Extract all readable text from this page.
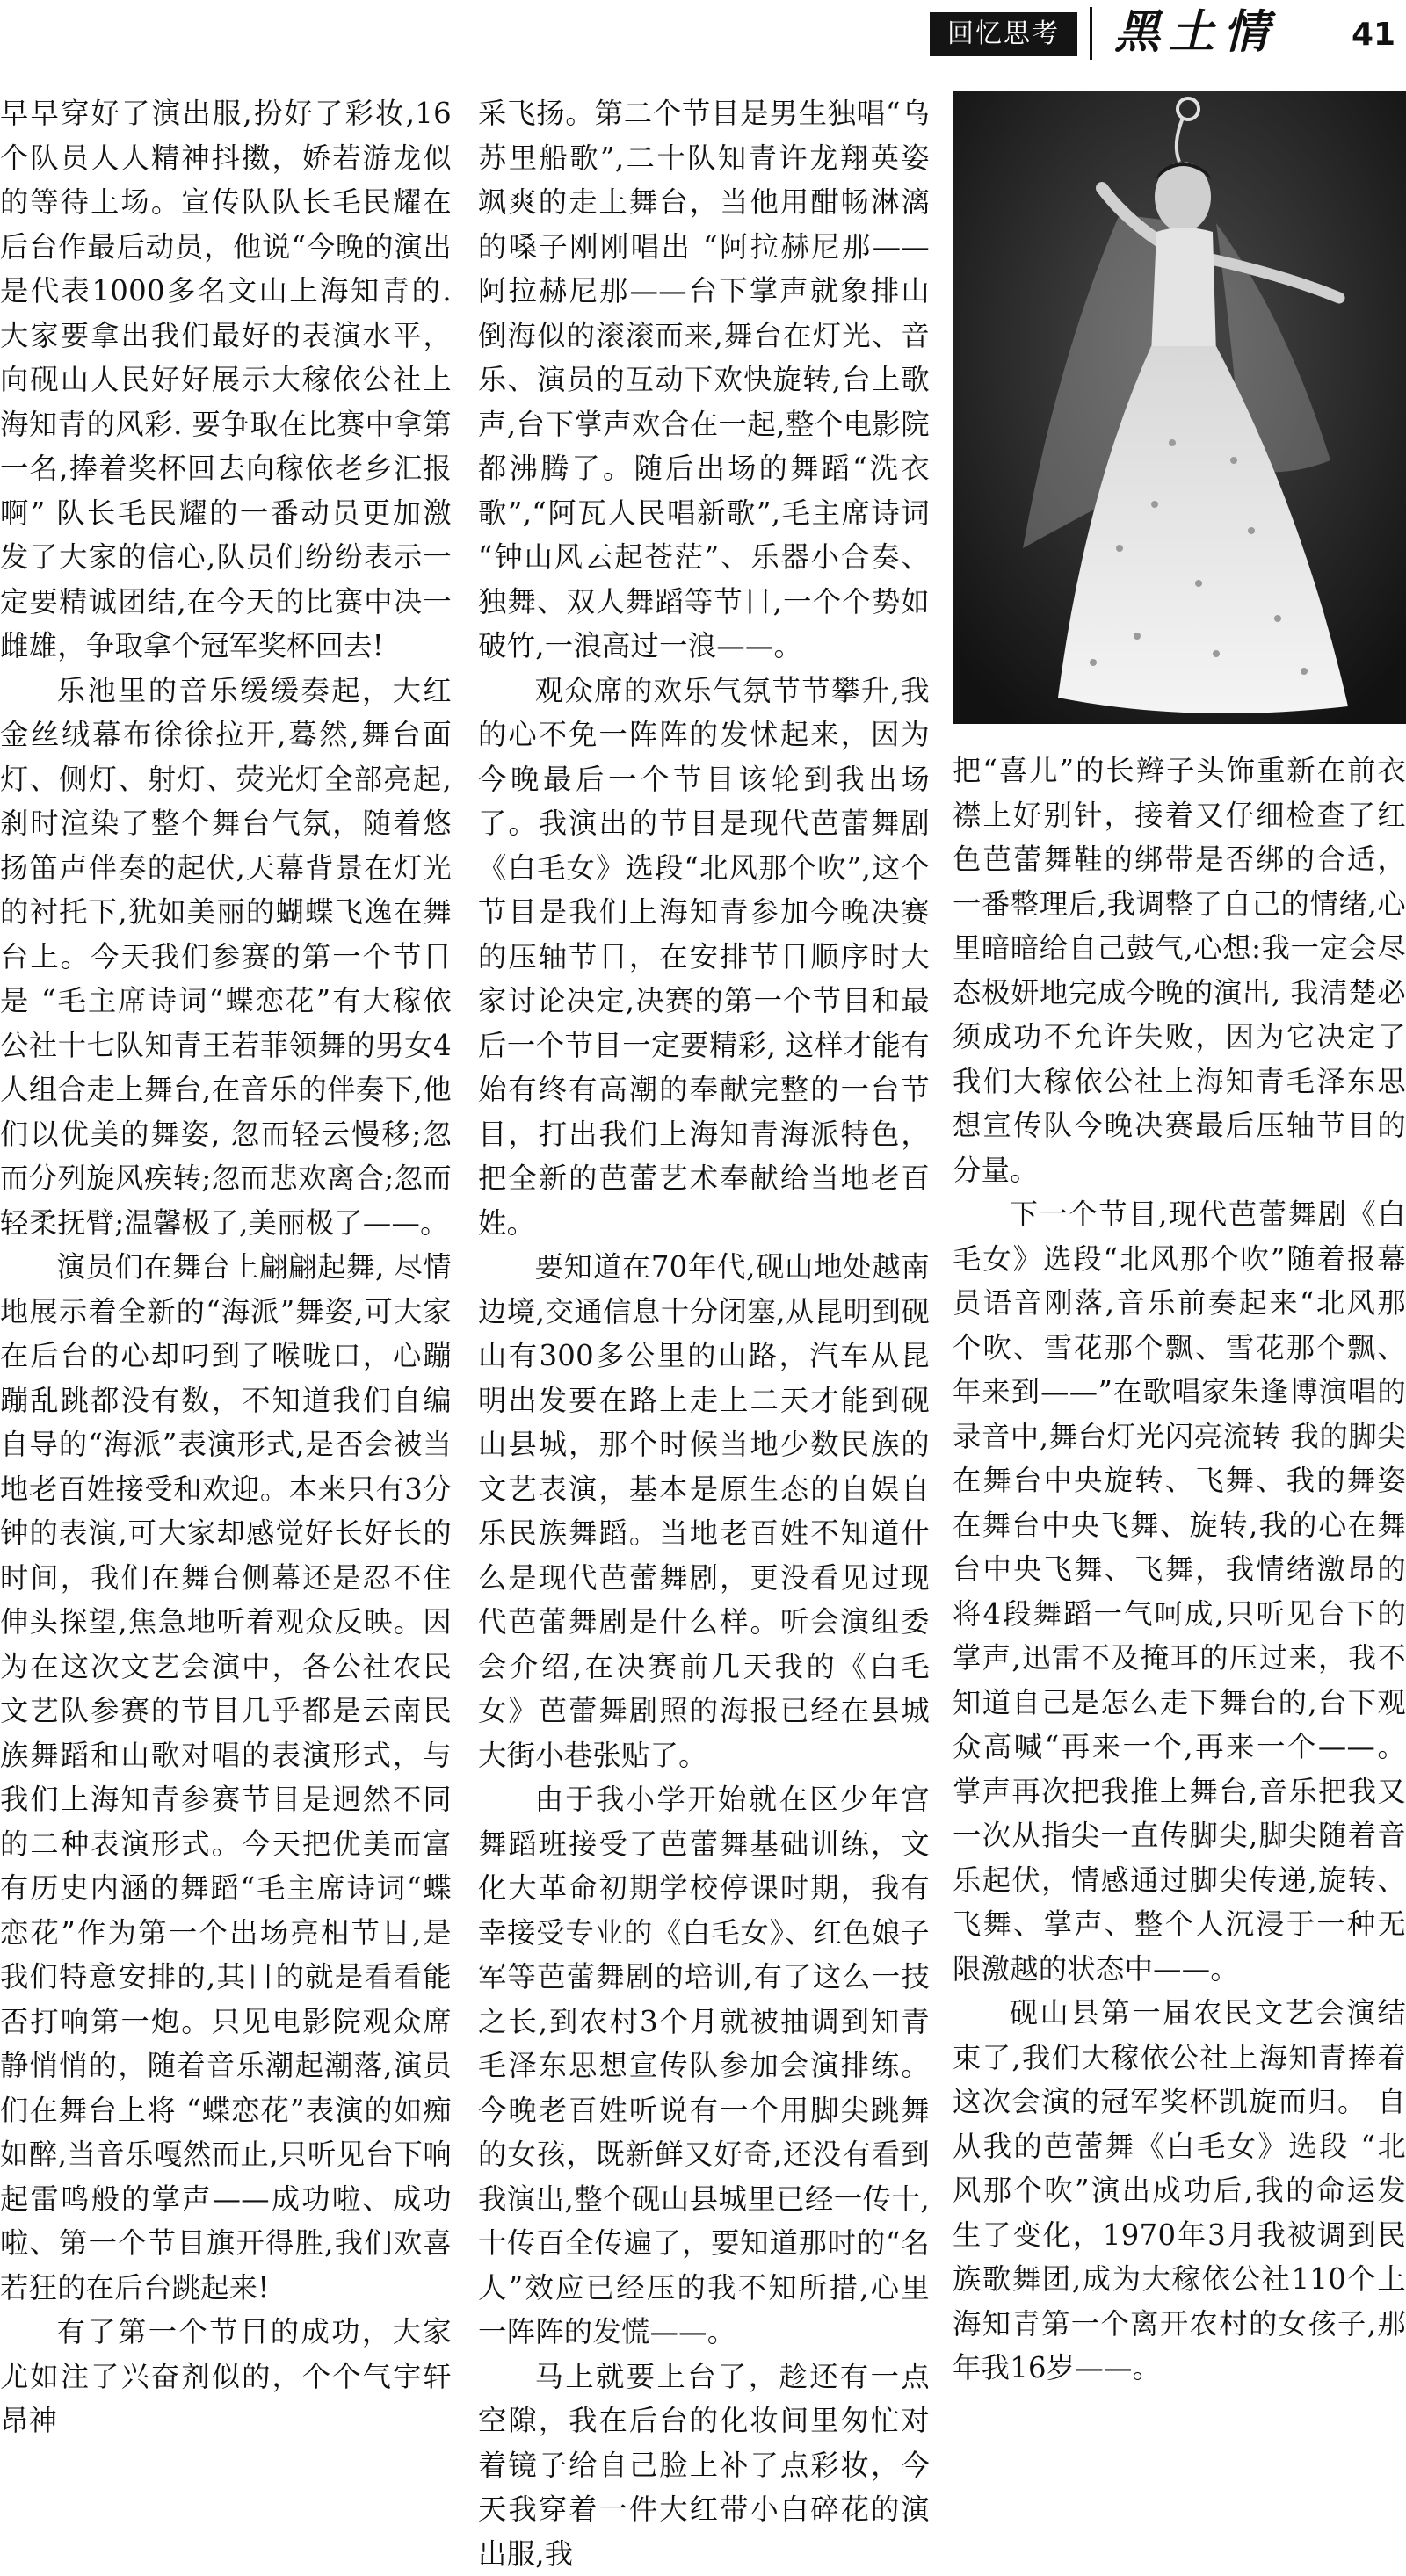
回忆思考	黑土情 41

早早穿好了演出服,扮好了彩妆,16个队员人人精神抖擞，娇若游龙似的等待上场。宣传队队长毛民耀在后台作最后动员，他说“今晚的演出是代表1000多名文山上海知青的. 大家要拿出我们最好的表演水平，向砚山人民好好展示大稼依公社上海知青的风彩. 要争取在比赛中拿第一名,捧着奖杯回去向稼依老乡汇报啊” 队长毛民耀的一番动员更加激发了大家的信心,队员们纷纷表示一定要精诚团结,在今天的比赛中决一雌雄，争取拿个冠军奖杯回去!

乐池里的音乐缓缓奏起，大红金丝绒幕布徐徐拉开,蓦然,舞台面灯、侧灯、射灯、荧光灯全部亮起,刹时渲染了整个舞台气氛，随着悠扬笛声伴奏的起伏,天幕背景在灯光的衬托下,犹如美丽的蝴蝶飞逸在舞台上。今天我们参赛的第一个节目是 “毛主席诗词“蝶恋花”有大稼依公社十七队知青王若菲领舞的男女4人组合走上舞台,在音乐的伴奏下,他们以优美的舞姿, 忽而轻云慢移;忽而分列旋风疾转;忽而悲欢离合;忽而轻柔抚臂;温馨极了,美丽极了——。

演员们在舞台上翩翩起舞, 尽情地展示着全新的“海派”舞姿,可大家在后台的心却叼到了喉咙口，心蹦蹦乱跳都没有数，不知道我们自编自导的“海派”表演形式,是否会被当地老百姓接受和欢迎。本来只有3分钟的表演,可大家却感觉好长好长的时间，我们在舞台侧幕还是忍不住伸头探望,焦急地听着观众反映。因为在这次文艺会演中，各公社农民文艺队参赛的节目几乎都是云南民族舞蹈和山歌对唱的表演形式，与我们上海知青参赛节目是迥然不同的二种表演形式。今天把优美而富有历史内涵的舞蹈“毛主席诗词“蝶恋花”作为第一个出场亮相节目,是我们特意安排的,其目的就是看看能否打响第一炮。只见电影院观众席静悄悄的，随着音乐潮起潮落,演员们在舞台上将 “蝶恋花”表演的如痴如醉,当音乐嘎然而止,只听见台下响起雷鸣般的掌声——成功啦、成功啦、第一个节目旗开得胜,我们欢喜若狂的在后台跳起来!

有了第一个节目的成功，大家尤如注了兴奋剂似的，个个气宇轩昂神

采飞扬。第二个节目是男生独唱“乌苏里船歌”,二十队知青许龙翔英姿飒爽的走上舞台，当他用酣畅淋漓的嗓子刚刚唱出 “阿拉赫尼那——阿拉赫尼那——台下掌声就象排山倒海似的滚滚而来,舞台在灯光、音乐、演员的互动下欢快旋转,台上歌声,台下掌声欢合在一起,整个电影院都沸腾了。随后出场的舞蹈“洗衣歌”,“阿瓦人民唱新歌”,毛主席诗词 “钟山风云起苍茫”、乐器小合奏、独舞、双人舞蹈等节目,一个个势如破竹,一浪高过一浪——。

观众席的欢乐气氛节节攀升,我的心不免一阵阵的发怵起来，因为今晚最后一个节目该轮到我出场了。我演出的节目是现代芭蕾舞剧《白毛女》选段“北风那个吹”,这个节目是我们上海知青参加今晚决赛的压轴节目，在安排节目顺序时大家讨论决定,决赛的第一个节目和最后一个节目一定要精彩, 这样才能有始有终有高潮的奉献完整的一台节目，打出我们上海知青海派特色，把全新的芭蕾艺术奉献给当地老百姓。

要知道在70年代,砚山地处越南边境,交通信息十分闭塞,从昆明到砚山有300多公里的山路，汽车从昆明出发要在路上走上二天才能到砚山县城，那个时候当地少数民族的文艺表演，基本是原生态的自娱自乐民族舞蹈。当地老百姓不知道什么是现代芭蕾舞剧，更没看见过现代芭蕾舞剧是什么样。听会演组委会介绍,在决赛前几天我的《白毛女》芭蕾舞剧照的海报已经在县城大街小巷张贴了。

由于我小学开始就在区少年宫舞蹈班接受了芭蕾舞基础训练，文化大革命初期学校停课时期，我有幸接受专业的《白毛女》、红色娘子军等芭蕾舞剧的培训,有了这么一技之长,到农村3个月就被抽调到知青毛泽东思想宣传队参加会演排练。今晚老百姓听说有一个用脚尖跳舞的女孩，既新鲜又好奇,还没有看到我演出,整个砚山县城里已经一传十,十传百全传遍了，要知道那时的“名人”效应已经压的我不知所措,心里一阵阵的发慌——。

马上就要上台了，趁还有一点空隙，我在后台的化妆间里匆忙对着镜子给自己脸上补了点彩妆，今天我穿着一件大红带小白碎花的演出服,我

把“喜儿”的长辫子头饰重新在前衣襟上好别针，接着又仔细检查了红色芭蕾舞鞋的绑带是否绑的合适，一番整理后,我调整了自己的情绪,心里暗暗给自己鼓气,心想:我一定会尽态极妍地完成今晚的演出, 我清楚必须成功不允许失败，因为它决定了我们大稼依公社上海知青毛泽东思想宣传队今晚决赛最后压轴节目的分量。

下一个节目,现代芭蕾舞剧《白毛女》选段“北风那个吹”随着报幕员语音刚落,音乐前奏起来“北风那个吹、雪花那个飘、雪花那个飘、年来到——”在歌唱家朱逢博演唱的录音中,舞台灯光闪亮流转 我的脚尖在舞台中央旋转、飞舞、我的舞姿在舞台中央飞舞、旋转,我的心在舞台中央飞舞、飞舞，我情绪激昂的将4段舞蹈一气呵成,只听见台下的掌声,迅雷不及掩耳的压过来，我不知道自己是怎么走下舞台的,台下观众高喊“再来一个,再来一个——。掌声再次把我推上舞台,音乐把我又一次从指尖一直传脚尖,脚尖随着音乐起伏，情感通过脚尖传递,旋转、飞舞、掌声、整个人沉浸于一种无限激越的状态中——。

砚山县第一届农民文艺会演结束了,我们大稼依公社上海知青捧着这次会演的冠军奖杯凯旋而归。 自从我的芭蕾舞《白毛女》选段 “北风那个吹”演出成功后,我的命运发生了变化，1970年3月我被调到民族歌舞团,成为大稼依公社110个上海知青第一个离开农村的女孩子,那年我16岁——。
